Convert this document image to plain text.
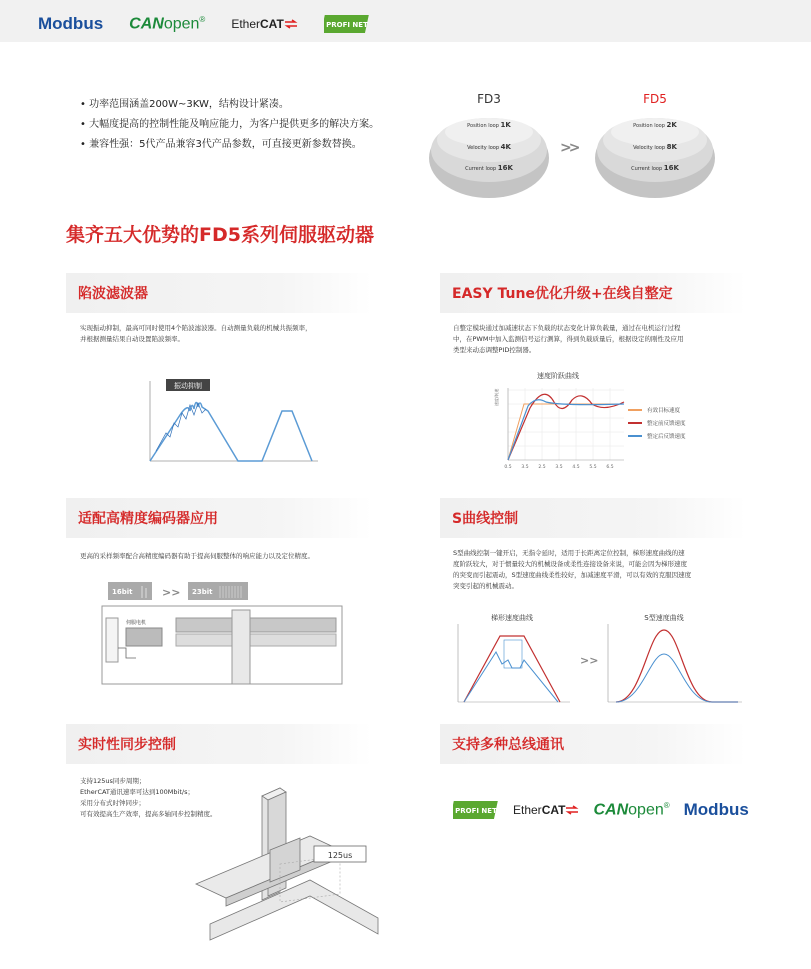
Modbus CANopen® Ether CAT	PROFI NET
• 功率范围涵盖200W~3KW，结构设计紧凑。
• 大幅度提高的控制性能及响应能力，为客户提供更多的解决方案。
• 兼容性强：5代产品兼容3代产品参数，可直接更新参数替换。
FD3
Position loop 1K
Velocity loop 4K
Current loop 16K
>>
FD5
Position loop 2K
Velocity loop 8K
Current loop 16K
集齐五大优势的FD5系列伺服驱动器
陷波滤波器
实现振动抑制，最高可同时使用4个陷波滤波器。自动测量负载的机械共振频率，
并根据测量结果自动设置陷波频率。
振动抑制
EASY Tune优化升级+在线自整定
自整定模块通过加减速状态下负载的状态变化计算负载量，通过在电机运行过程
中，在PWM中加入监测信号运行测算，得到负载质量后，根据设定的刚性及应用
类型来动态调整PID控制器。
速度阶跃曲线
速度/转速
0.5 3.5 2.5 3.5 4.5 5.5 6.5
有效目标速度
整定前反馈速度
整定后反馈速度
适配高精度编码器应用
更高的采样频率配合高精度编码器有助于提高伺服整体的响应能力以及定位精度。
16bit	>> 23bit
伺服电机
S曲线控制
S型曲线控制一键开启，无指令延时，适用于长距离定位控制，梯形速度曲线的速
度阶跃较大，对于惯量较大的机械设备或柔性连接设备来说，可能会因为梯形速度
的突变而引起震动，S型速度曲线柔性较好，加减速度平滑，可以有效的克服因速度
突变引起的机械震动。
梯形速度曲线
>>
S型速度曲线
实时性同步控制
支持125us同步周期；
EtherCAT通讯速率可达到100Mbit/s；
采用分布式时钟同步；
可有效提高生产效率，提高多轴同步控制精度。
125us
支持多种总线通讯
PROFI NET Ether CAT CANopen® Modbus
